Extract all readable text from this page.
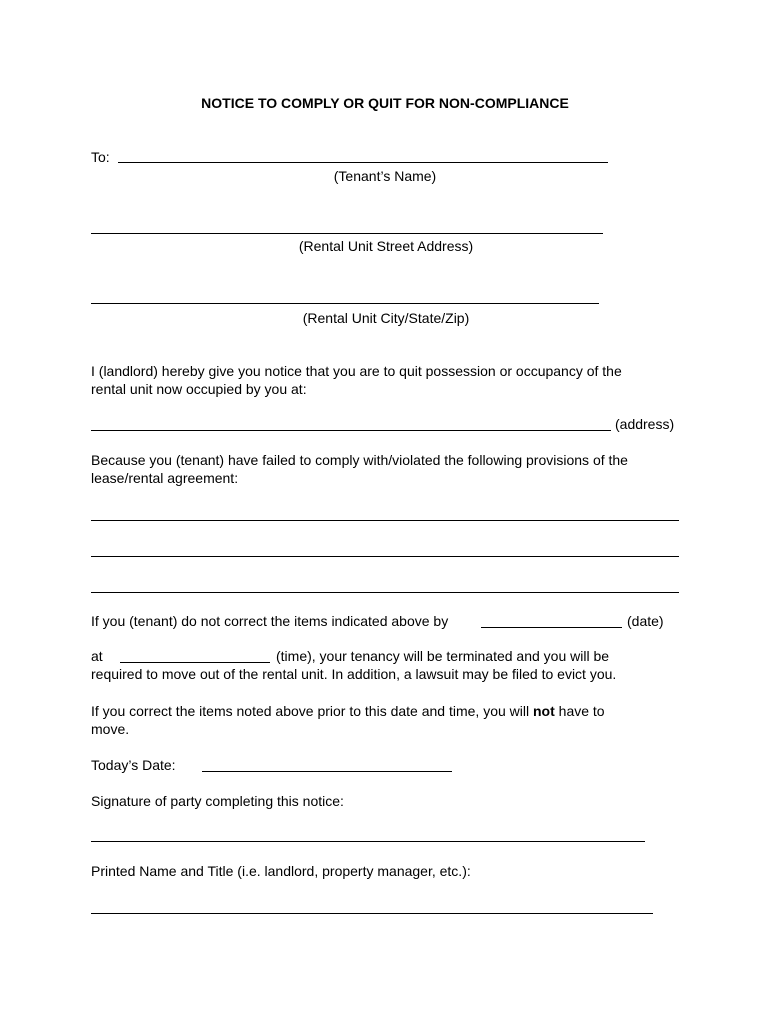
NOTICE TO COMPLY OR QUIT FOR NON-COMPLIANCE
To:
(Tenant’s Name)
(Rental Unit Street Address)
(Rental Unit City/State/Zip)
I (landlord) hereby give you notice that you are to quit possession or occupancy of the
rental unit now occupied by you at:
(address)
Because you (tenant) have failed to comply with/violated the following provisions of the
lease/rental agreement:
If you (tenant) do not correct the items indicated above by	(date)
at	(time), your tenancy will be terminated and you will be
required to move out of the rental unit. In addition, a lawsuit may be filed to evict you.
If you correct the items noted above prior to this date and time, you will not have to
move.
Today’s Date:
Signature of party completing this notice:
Printed Name and Title (i.e. landlord, property manager, etc.):
